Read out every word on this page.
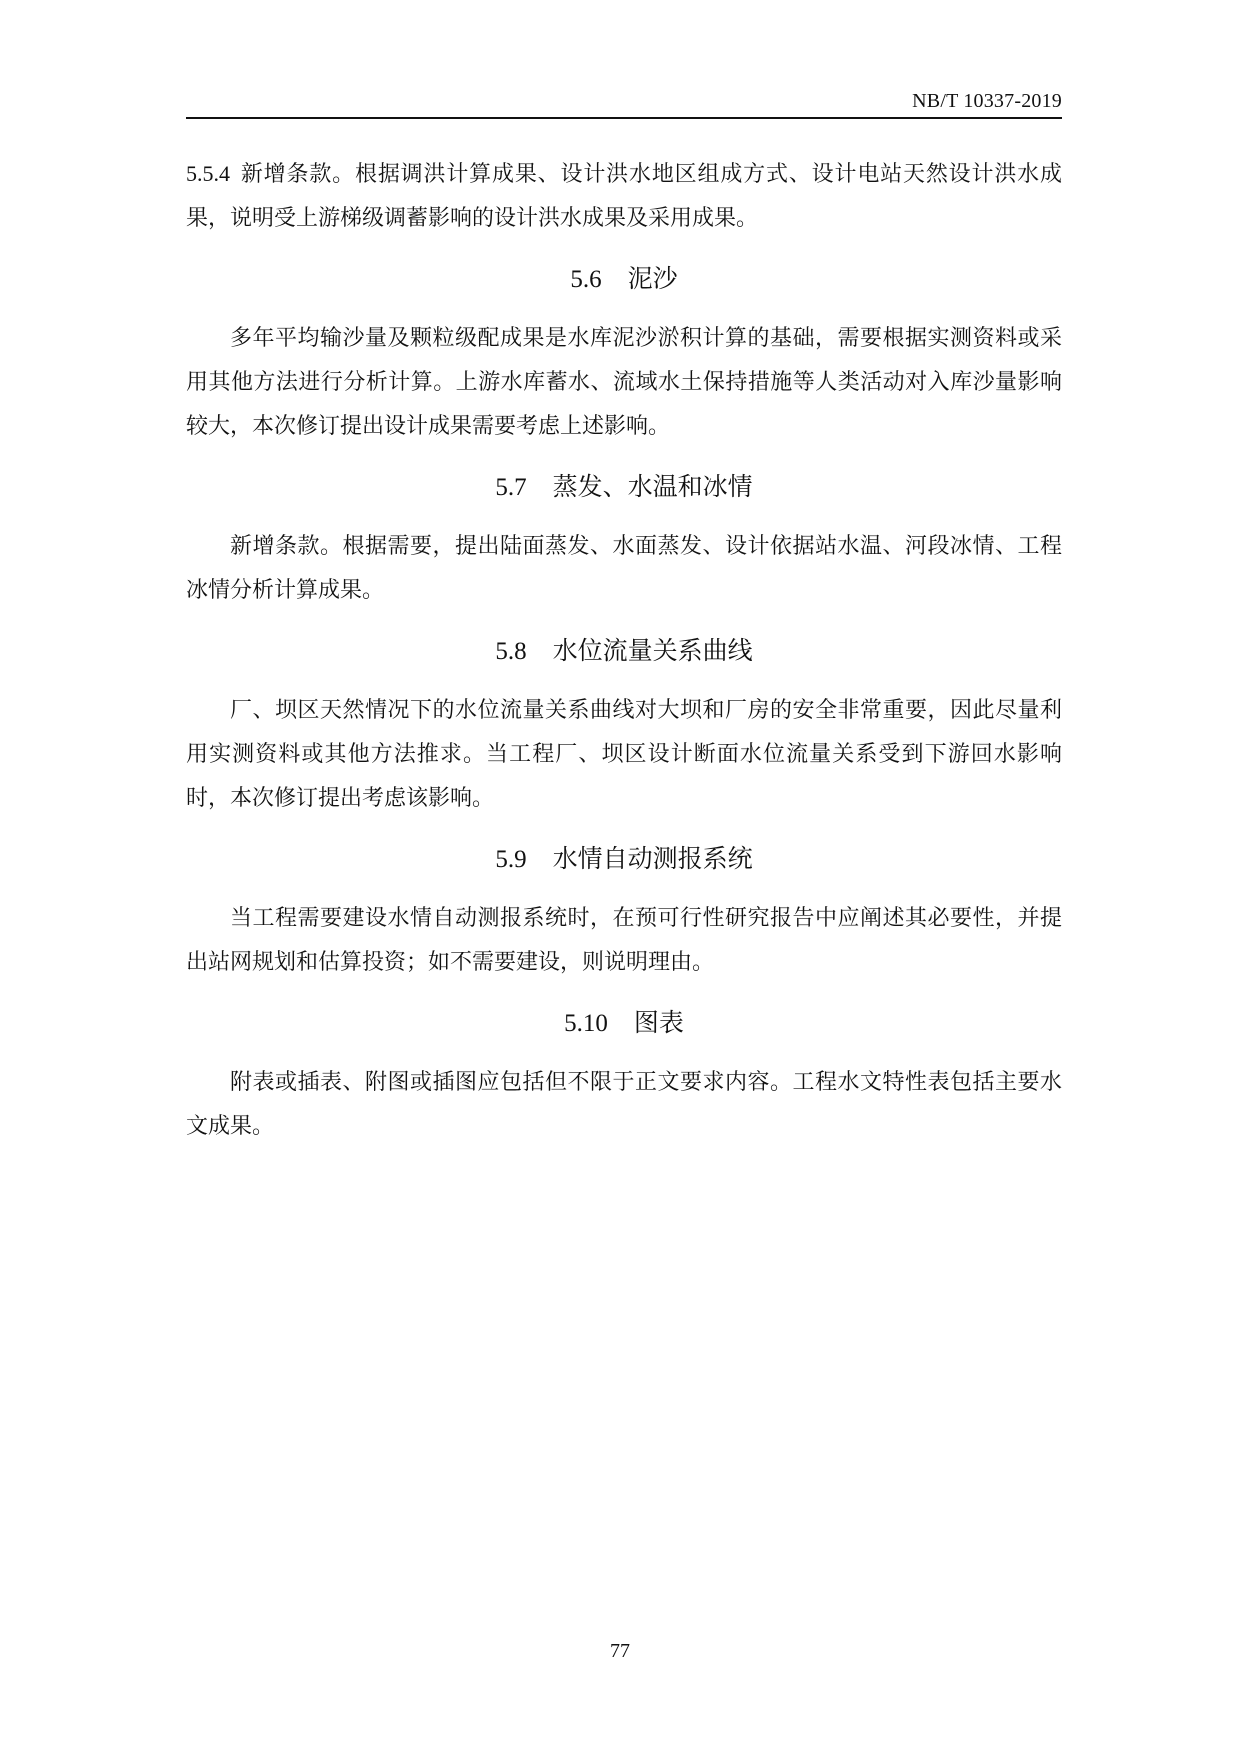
NB/T 10337-2019

5.5.4 新增条款。根据调洪计算成果、设计洪水地区组成方式、设计电站天然设计洪水成果，说明受上游梯级调蓄影响的设计洪水成果及采用成果。

5.6 泥沙

多年平均输沙量及颗粒级配成果是水库泥沙淤积计算的基础，需要根据实测资料或采用其他方法进行分析计算。上游水库蓄水、流域水土保持措施等人类活动对入库沙量影响较大，本次修订提出设计成果需要考虑上述影响。

5.7 蒸发、水温和冰情

新增条款。根据需要，提出陆面蒸发、水面蒸发、设计依据站水温、河段冰情、工程冰情分析计算成果。

5.8 水位流量关系曲线

厂、坝区天然情况下的水位流量关系曲线对大坝和厂房的安全非常重要，因此尽量利用实测资料或其他方法推求。当工程厂、坝区设计断面水位流量关系受到下游回水影响时，本次修订提出考虑该影响。

5.9 水情自动测报系统

当工程需要建设水情自动测报系统时，在预可行性研究报告中应阐述其必要性，并提出站网规划和估算投资；如不需要建设，则说明理由。

5.10 图表

附表或插表、附图或插图应包括但不限于正文要求内容。工程水文特性表包括主要水文成果。

77
